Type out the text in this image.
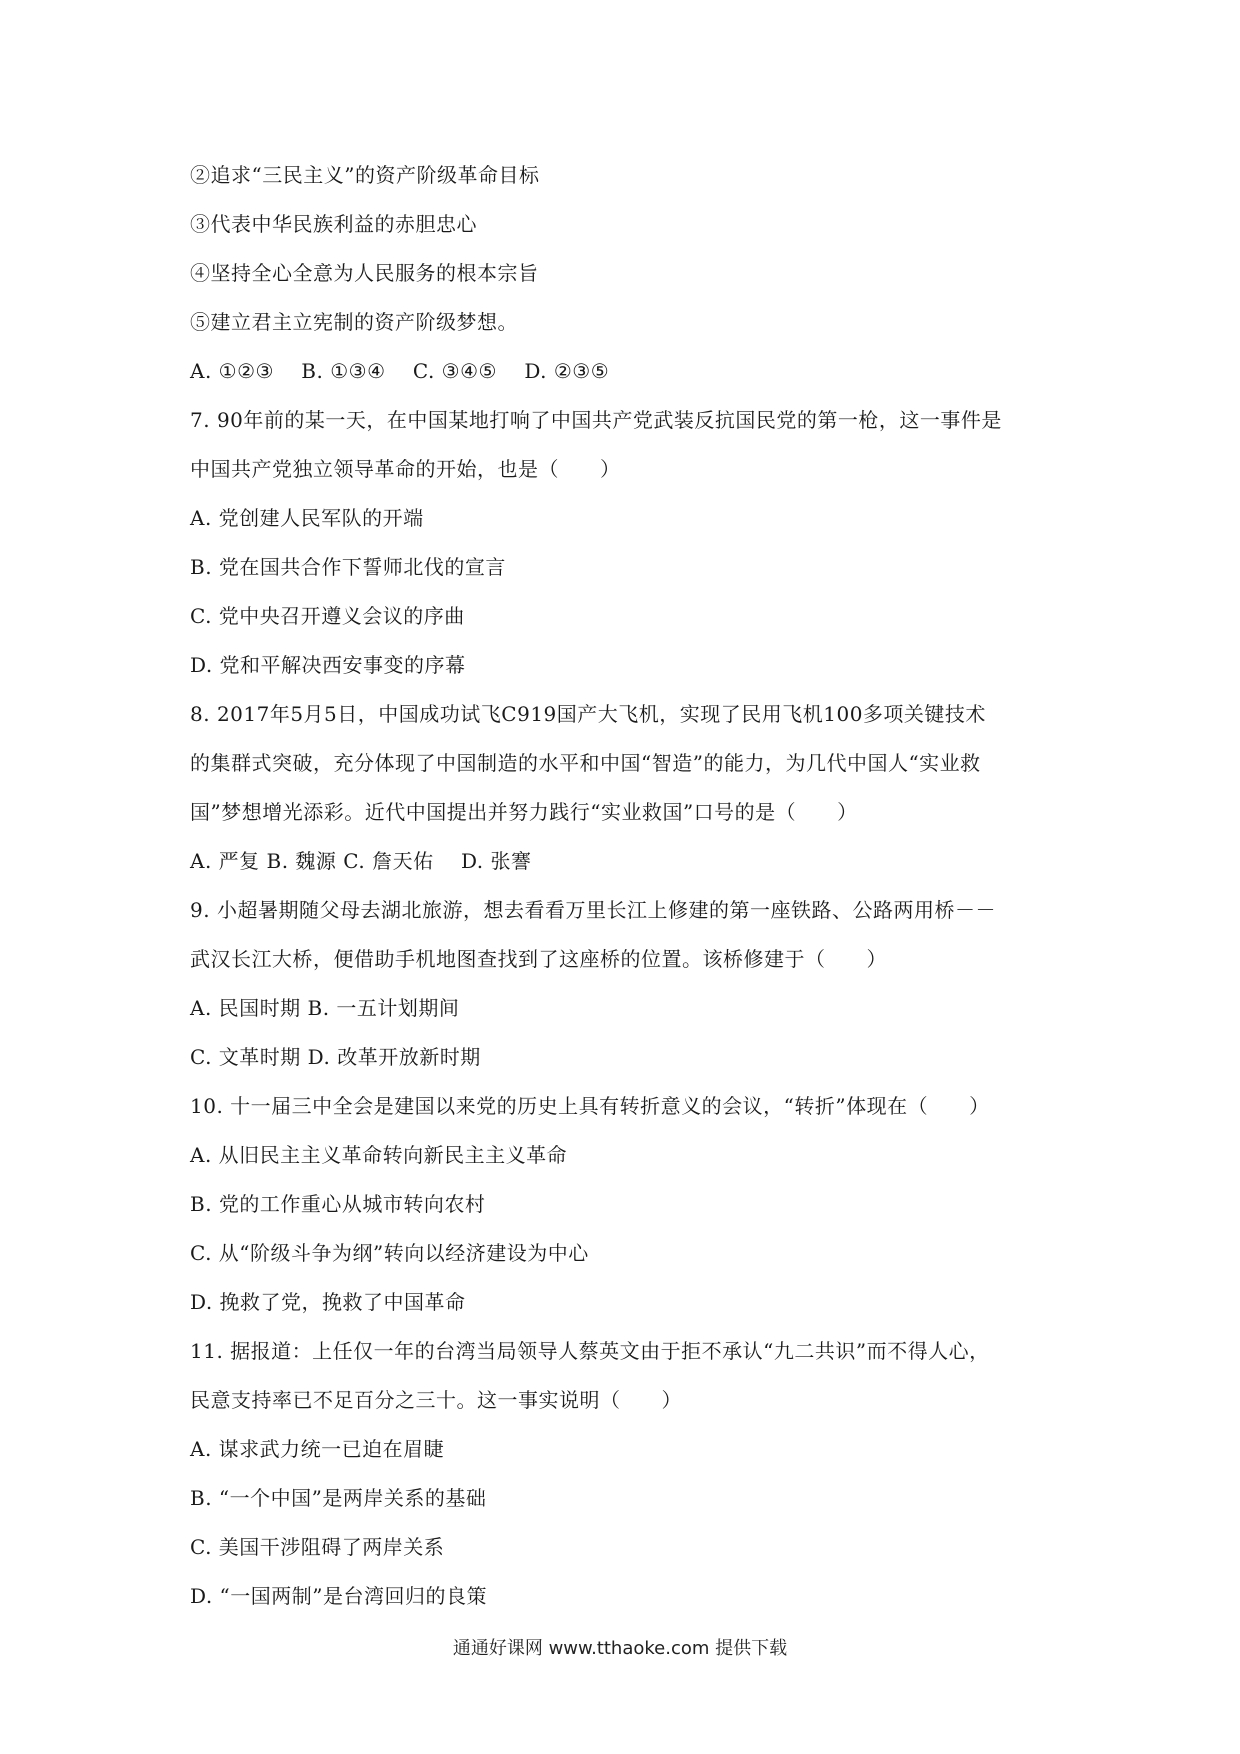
②追求“三民主义”的资产阶级革命目标
③代表中华民族利益的赤胆忠心
④坚持全心全意为人民服务的根本宗旨
⑤建立君主立宪制的资产阶级梦想。
A. ①②③　 B. ①③④　 C. ③④⑤　 D. ②③⑤
7. 90年前的某一天，在中国某地打响了中国共产党武装反抗国民党的第一枪，这一事件是
中国共产党独立领导革命的开始，也是（　　）
A. 党创建人民军队的开端
B. 党在国共合作下誓师北伐的宣言
C. 党中央召开遵义会议的序曲
D. 党和平解决西安事变的序幕
8. 2017年5月5日，中国成功试飞C919国产大飞机，实现了民用飞机100多项关键技术
的集群式突破，充分体现了中国制造的水平和中国“智造”的能力，为几代中国人“实业救
国”梦想增光添彩。近代中国提出并努力践行“实业救国”口号的是（　　）
A. 严复 B. 魏源 C. 詹天佑　 D. 张謇
9. 小超暑期随父母去湖北旅游，想去看看万里长江上修建的第一座铁路、公路两用桥－－
武汉长江大桥，便借助手机地图查找到了这座桥的位置。该桥修建于（　　）
A. 民国时期 B. 一五计划期间
C. 文革时期 D. 改革开放新时期
10. 十一届三中全会是建国以来党的历史上具有转折意义的会议，“转折”体现在（　　）
A. 从旧民主主义革命转向新民主主义革命
B. 党的工作重心从城市转向农村
C. 从“阶级斗争为纲”转向以经济建设为中心
D. 挽救了党，挽救了中国革命
11. 据报道：上任仅一年的台湾当局领导人蔡英文由于拒不承认“九二共识”而不得人心，
民意支持率已不足百分之三十。这一事实说明（　　）
A. 谋求武力统一已迫在眉睫
B. “一个中国”是两岸关系的基础
C. 美国干涉阻碍了两岸关系
D. “一国两制”是台湾回归的良策
通通好课网 www.tthaoke.com 提供下载
